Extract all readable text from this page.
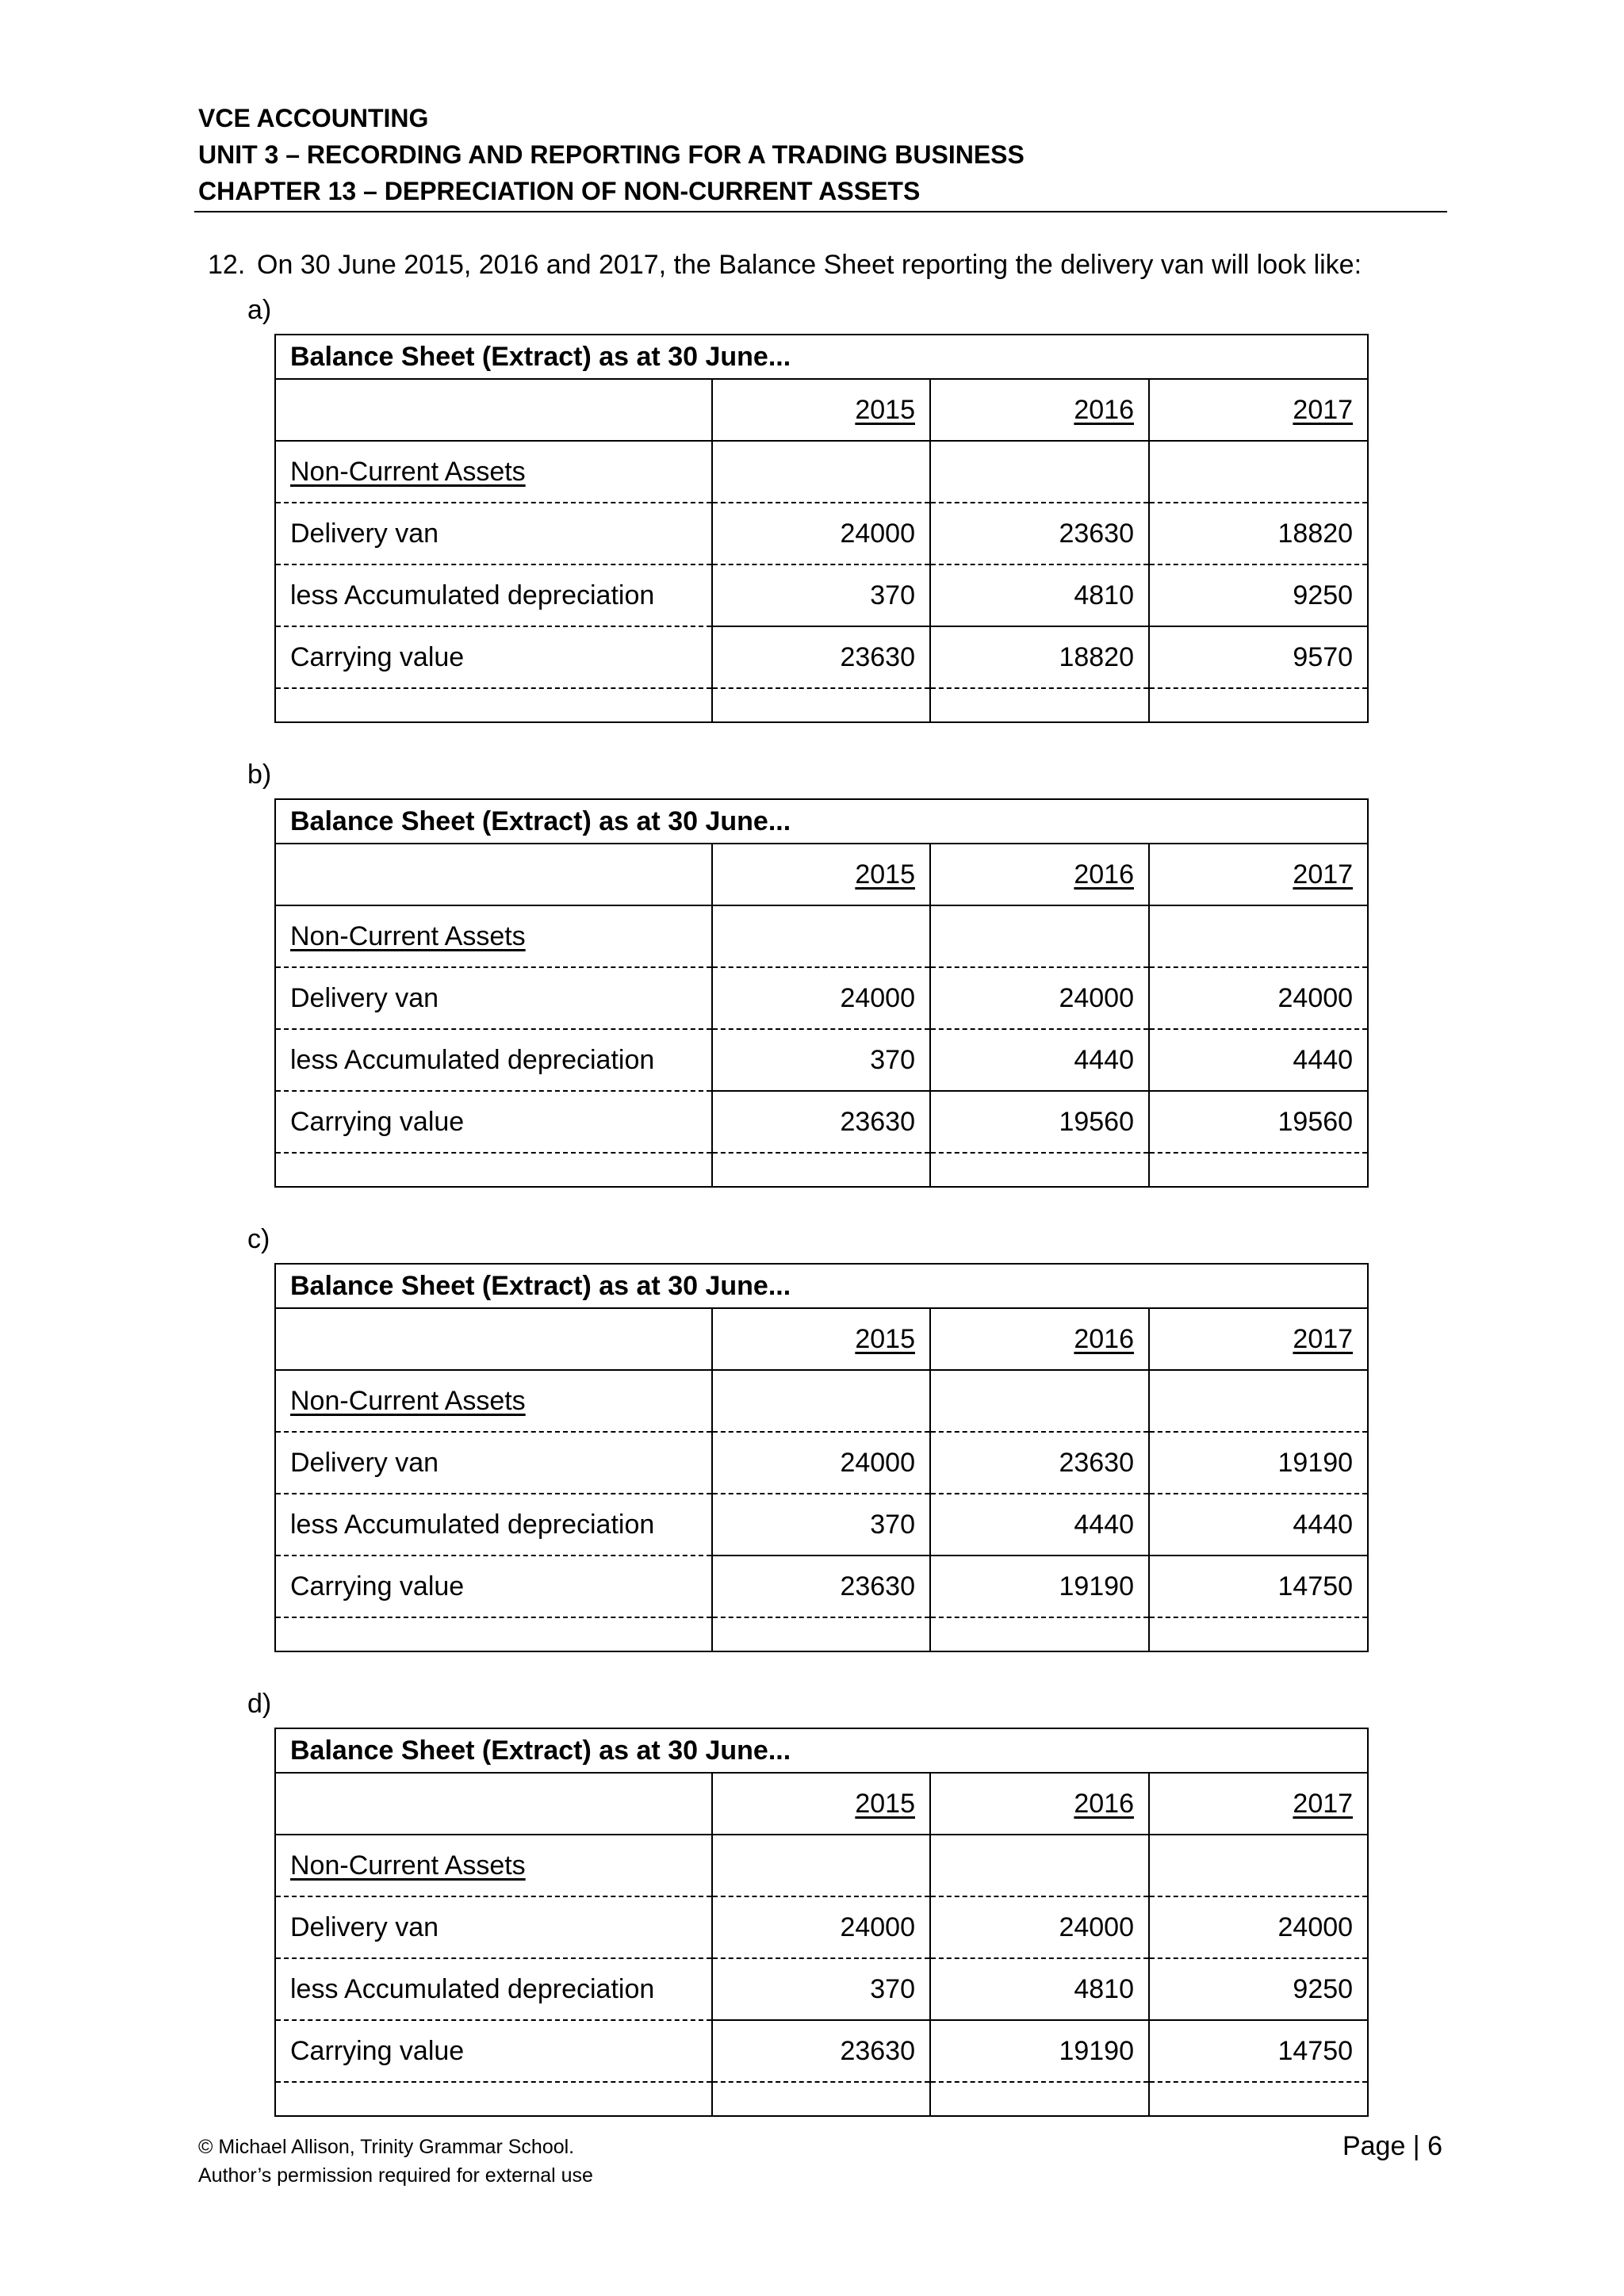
VCE ACCOUNTING
UNIT 3 – RECORDING AND REPORTING FOR A TRADING BUSINESS
CHAPTER 13 – DEPRECIATION OF NON-CURRENT ASSETS
12. On 30 June 2015, 2016 and 2017, the Balance Sheet reporting the delivery van will look like:
a)
Balance Sheet (Extract) as at 30 June...			
	2015	2016	2017
Non-Current Assets			
Delivery van	24000	23630	18820
less Accumulated depreciation	370	4810	9250
Carrying value	23630	18820	9570

b)
Balance Sheet (Extract) as at 30 June...			
	2015	2016	2017
Non-Current Assets			
Delivery van	24000	24000	24000
less Accumulated depreciation	370	4440	4440
Carrying value	23630	19560	19560

c)
Balance Sheet (Extract) as at 30 June...			
	2015	2016	2017
Non-Current Assets			
Delivery van	24000	23630	19190
less Accumulated depreciation	370	4440	4440
Carrying value	23630	19190	14750

d)
Balance Sheet (Extract) as at 30 June...			
	2015	2016	2017
Non-Current Assets			
Delivery van	24000	24000	24000
less Accumulated depreciation	370	4810	9250
Carrying value	23630	19190	14750

© Michael Allison, Trinity Grammar School.
Author’s permission required for external use
Page | 6
